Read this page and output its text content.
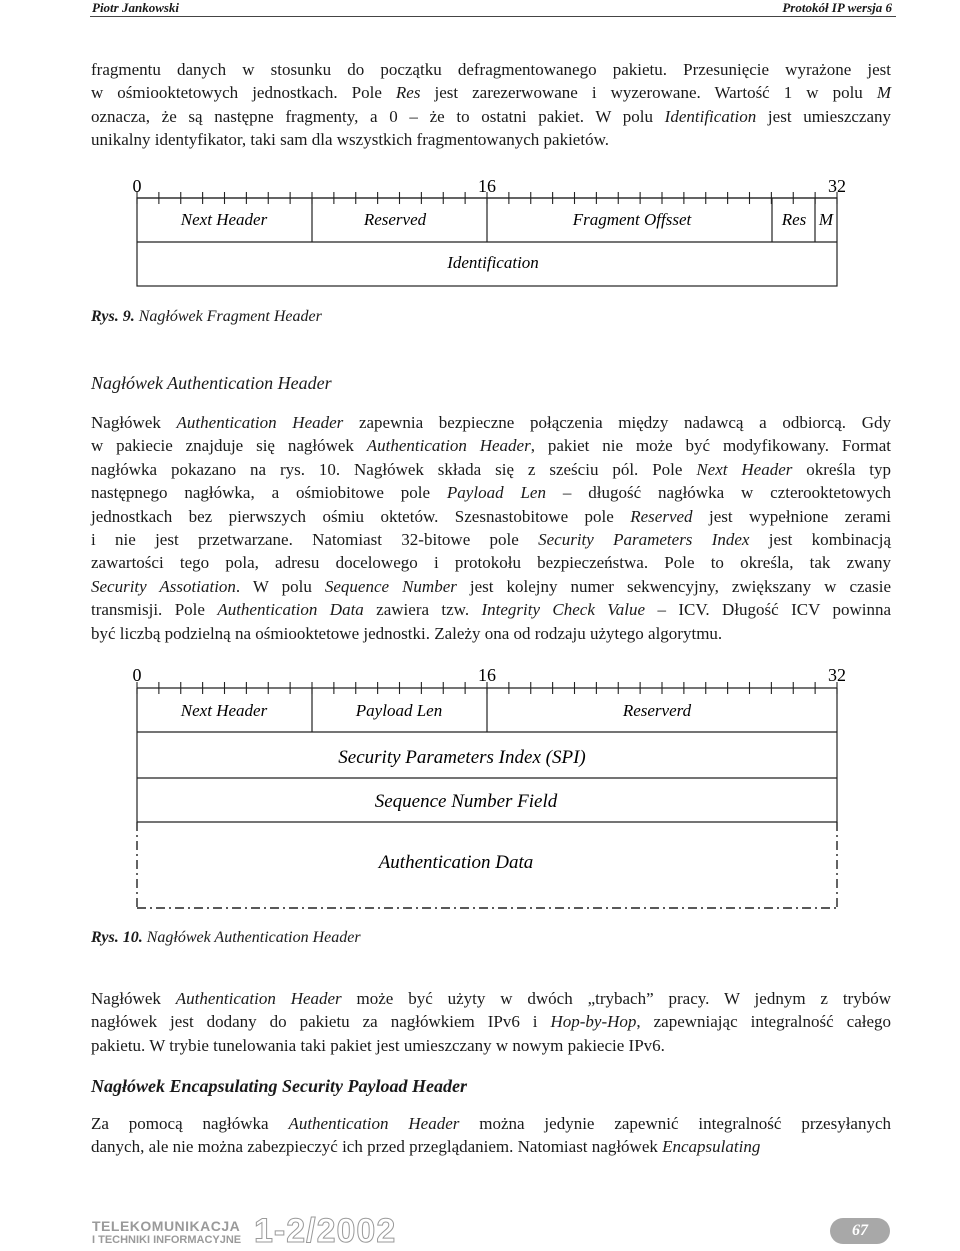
Piotr Jankowski	Protokół IP wersja 6

fragmentu danych w stosunku do początku defragmentowanego pakietu. Przesunięcie wyrażone jest
w ośmiooktetowych jednostkach. Pole Res jest zarezerwowane i wyzerowane. Wartość 1 w polu M
oznacza, że są następne fragmenty, a 0 – że to ostatni pakiet. W polu Identification jest umieszczany
unikalny identyfikator, taki sam dla wszystkich fragmentowanych pakietów.

0	16	32
Next Header	Reserved	Fragment Offsset	Res M
Identification
Rys. 9. Nagłówek Fragment Header
Nagłówek Authentication Header

Nagłówek Authentication Header zapewnia bezpieczne połączenia między nadawcą a odbiorcą. Gdy
w pakiecie znajduje się nagłówek Authentication Header, pakiet nie może być modyfikowany. Format
nagłówka pokazano na rys. 10. Nagłówek składa się z sześciu pól. Pole Next Header określa typ
następnego nagłówka, a ośmiobitowe pole Payload Len – długość nagłówka w czterooktetowych
jednostkach bez pierwszych ośmiu oktetów. Szesnastobitowe pole Reserved jest wypełnione zerami
i nie jest przetwarzane. Natomiast 32-bitowe pole Security Parameters Index jest kombinacją
zawartości tego pola, adresu docelowego i protokołu bezpieczeństwa. Pole to określa, tak zwany
Security Assotiation. W polu Sequence Number jest kolejny numer sekwencyjny, zwiększany w czasie
transmisji. Pole Authentication Data zawiera tzw. Integrity Check Value – ICV. Długość ICV powinna
być liczbą podzielną na ośmiooktetowe jednostki. Zależy ona od rodzaju użytego algorytmu.

0	16	32
Next Header	Payload Len	Reserverd
Security Parameters Index (SPI)
Sequence Number Field
Authentication Data
Rys. 10. Nagłówek Authentication Header

Nagłówek Authentication Header może być użyty w dwóch „trybach” pracy. W jednym z trybów
nagłówek jest dodany do pakietu za nagłówkiem IPv6 i Hop-by-Hop, zapewniając integralność całego
pakietu. W trybie tunelowania taki pakiet jest umieszczany w nowym pakiecie IPv6.

Nagłówek Encapsulating Security Payload Header

Za pomocą nagłówka Authentication Header można jedynie zapewnić integralność przesyłanych
danych, ale nie można zabezpieczyć ich przed przeglądaniem. Natomiast nagłówek Encapsulating

TELEKOMUNIKACJA
I TECHNIKI INFORMACYJNE 1-2/2002	67
